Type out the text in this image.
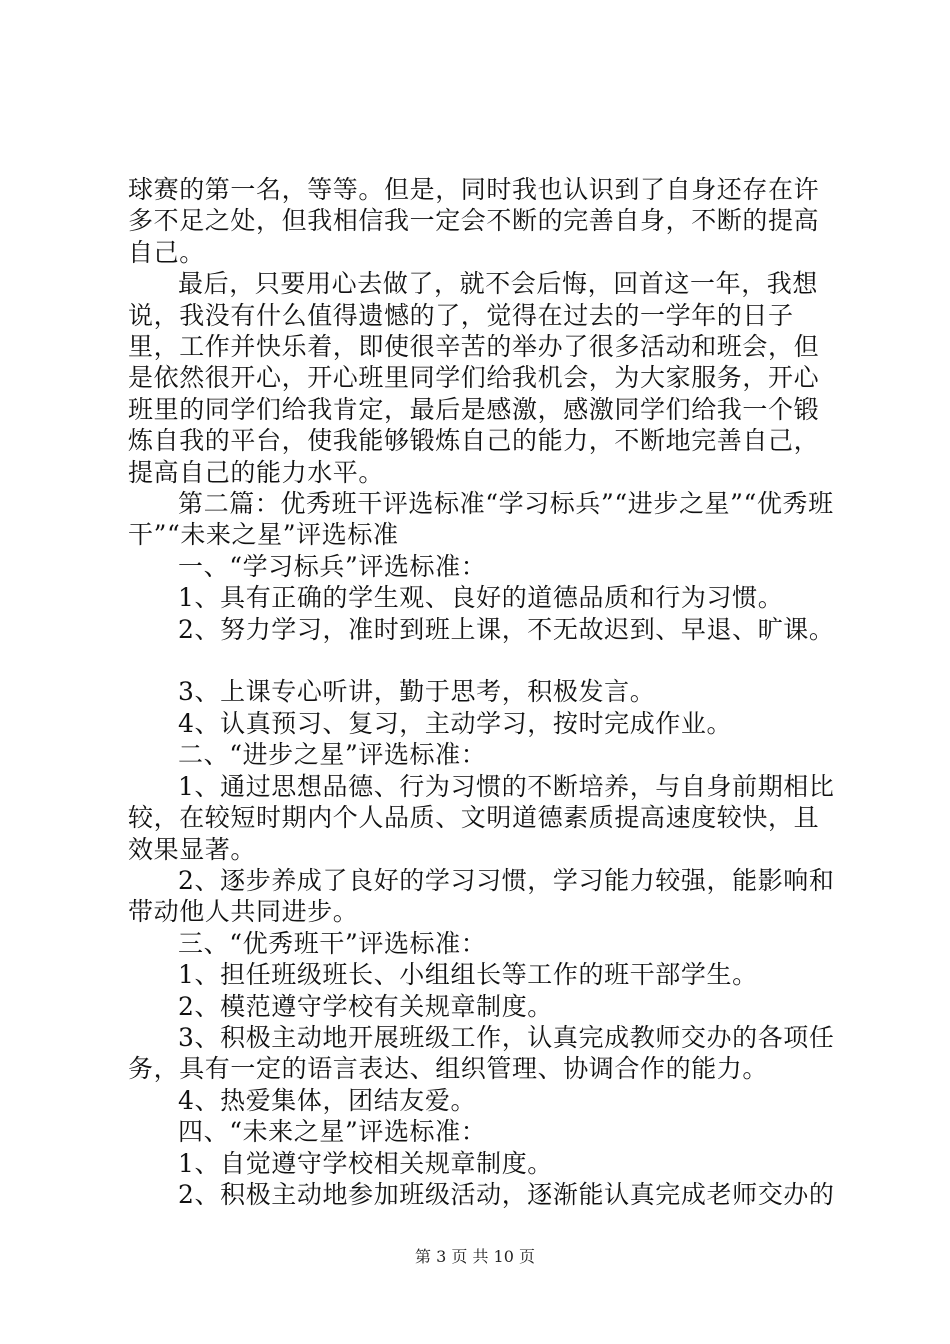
球赛的第一名，等等。但是，同时我也认识到了自身还存在许多不足之处，但我相信我一定会不断的完善自身，不断的提高自己。

最后，只要用心去做了，就不会后悔，回首这一年，我想说，我没有什么值得遗憾的了，觉得在过去的一学年的日子里，工作并快乐着，即使很辛苦的举办了很多活动和班会，但是依然很开心，开心班里同学们给我机会，为大家服务，开心班里的同学们给我肯定，最后是感激，感激同学们给我一个锻炼自我的平台，使我能够锻炼自己的能力，不断地完善自己，提高自己的能力水平。

第二篇：优秀班干评选标准“学习标兵”“进步之星”“优秀班干”“未来之星”评选标准

一、“学习标兵”评选标准：

1、具有正确的学生观、良好的道德品质和行为习惯。

2、努力学习，准时到班上课，不无故迟到、早退、旷课。

3、上课专心听讲，勤于思考，积极发言。

4、认真预习、复习，主动学习，按时完成作业。

二、“进步之星”评选标准：

1、通过思想品德、行为习惯的不断培养，与自身前期相比较，在较短时期内个人品质、文明道德素质提高速度较快，且效果显著。

2、逐步养成了良好的学习习惯，学习能力较强，能影响和带动他人共同进步。

三、“优秀班干”评选标准：

1、担任班级班长、小组组长等工作的班干部学生。

2、模范遵守学校有关规章制度。

3、积极主动地开展班级工作，认真完成教师交办的各项任务，具有一定的语言表达、组织管理、协调合作的能力。

4、热爱集体，团结友爱。

四、“未来之星”评选标准：

1、自觉遵守学校相关规章制度。

2、积极主动地参加班级活动，逐渐能认真完成老师交办的

第 3 页 共 10 页
